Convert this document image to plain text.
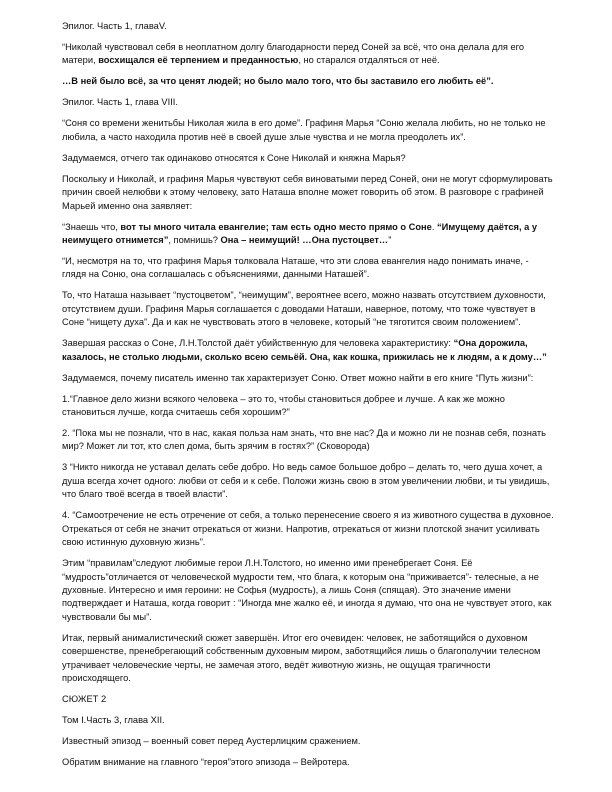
Эпилог. Часть 1, главаV.

“Николай чувствовал себя в неоплатном долгу благодарности перед Соней за всё, что она делала для его матери, восхищался её терпением и преданностью, но старался отдаляться от неё.

…В ней было всё, за что ценят людей; но было мало того, что бы заставило его любить её”.

Эпилог. Часть 1, глава VIII.

“Соня со времени женитьбы Николая жила в его доме”. Графиня Марья “Соню желала любить, но не только не любила, а часто находила против неё в своей душе злые чувства и не могла преодолеть их”.

Задумаемся, отчего так одинаково относятся к Соне Николай и княжна Марья?

Поскольку и Николай, и графиня Марья чувствуют себя виноватыми перед Соней, они не могут сформулировать причин своей нелюбви к этому человеку, зато Наташа вполне может говорить об этом. В разговоре с графиней Марьей именно она заявляет:

“Знаешь что, вот ты много читала евангелие; там есть одно место прямо о Соне. “Имущему даётся, а у неимущего отнимется”, помнишь? Она – неимущий! …Она пустоцвет…”

“И, несмотря на то, что графиня Марья толковала Наташе, что эти слова евангелия надо понимать иначе, - глядя на Соню, она соглашалась с объяснениями, данными Наташей”.

То, что Наташа называет “пустоцветом”, “неимущим”, вероятнее всего, можно назвать отсутствием духовности, отсутствием души. Графиня Марья соглашается с доводами Наташи, наверное, потому, что тоже чувствует в Соне “нищету духа”. Да и как не чувствовать этого в человеке, который “не тяготится своим положением”.

Завершая рассказ о Соне, Л.Н.Толстой даёт убийственную для человека характеристику: “Она дорожила, казалось, не столько людьми, сколько всею семьёй. Она, как кошка, прижилась не к людям, а к дому…”

Задумаемся, почему писатель именно так характеризует Соню. Ответ можно найти в его книге “Путь жизни”:

1.“Главное дело жизни всякого человека – это то, чтобы становиться добрее и лучше. А как же можно становиться лучше, когда считаешь себя хорошим?”

2. “Пока мы не познали, что в нас, какая польза нам знать, что вне нас? Да и можно ли не познав себя, познать мир? Может ли тот, кто слеп дома, быть зрячим в гостях?” (Сковорода)

3 “Никто никогда не уставал делать себе добро. Но ведь самое большое добро – делать то, чего душа хочет, а душа всегда хочет одного: любви от себя и к себе. Положи жизнь свою в этом увеличении любви, и ты увидишь, что благо твоё всегда в твоей власти”.

4. “Самоотречение не есть отречение от себя, а только перенесение своего я из животного существа в духовное. Отрекаться от себя не значит отрекаться от жизни. Напротив, отрекаться от жизни плотской значит усиливать свою истинную духовную жизнь”.

Этим “правилам”следуют любимые герои Л.Н.Толстого, но именно ими пренебрегает Соня. Её “мудрость”отличается от человеческой мудрости тем, что блага, к которым она “приживается”- телесные, а не духовные. Интересно и имя героини: не Софья (мудрость), а лишь Соня (спящая). Это значение имени подтверждает и Наташа, когда говорит : “Иногда мне жалко её, и иногда я думаю, что она не чувствует этого, как чувствовали бы мы”.

Итак, первый анималистический сюжет завершён. Итог его очевиден: человек, не заботящийся о духовном совершенстве, пренебрегающий собственным духовным миром, заботящийся лишь о благополучии телесном утрачивает человеческие черты, не замечая этого, ведёт животную жизнь, не ощущая трагичности происходящего.

СЮЖЕТ 2

Том I.Часть 3, глава XII.

Известный эпизод – военный совет перед Аустерлицким сражением.

Обратим внимание на главного “героя”этого эпизода – Вейротера.
